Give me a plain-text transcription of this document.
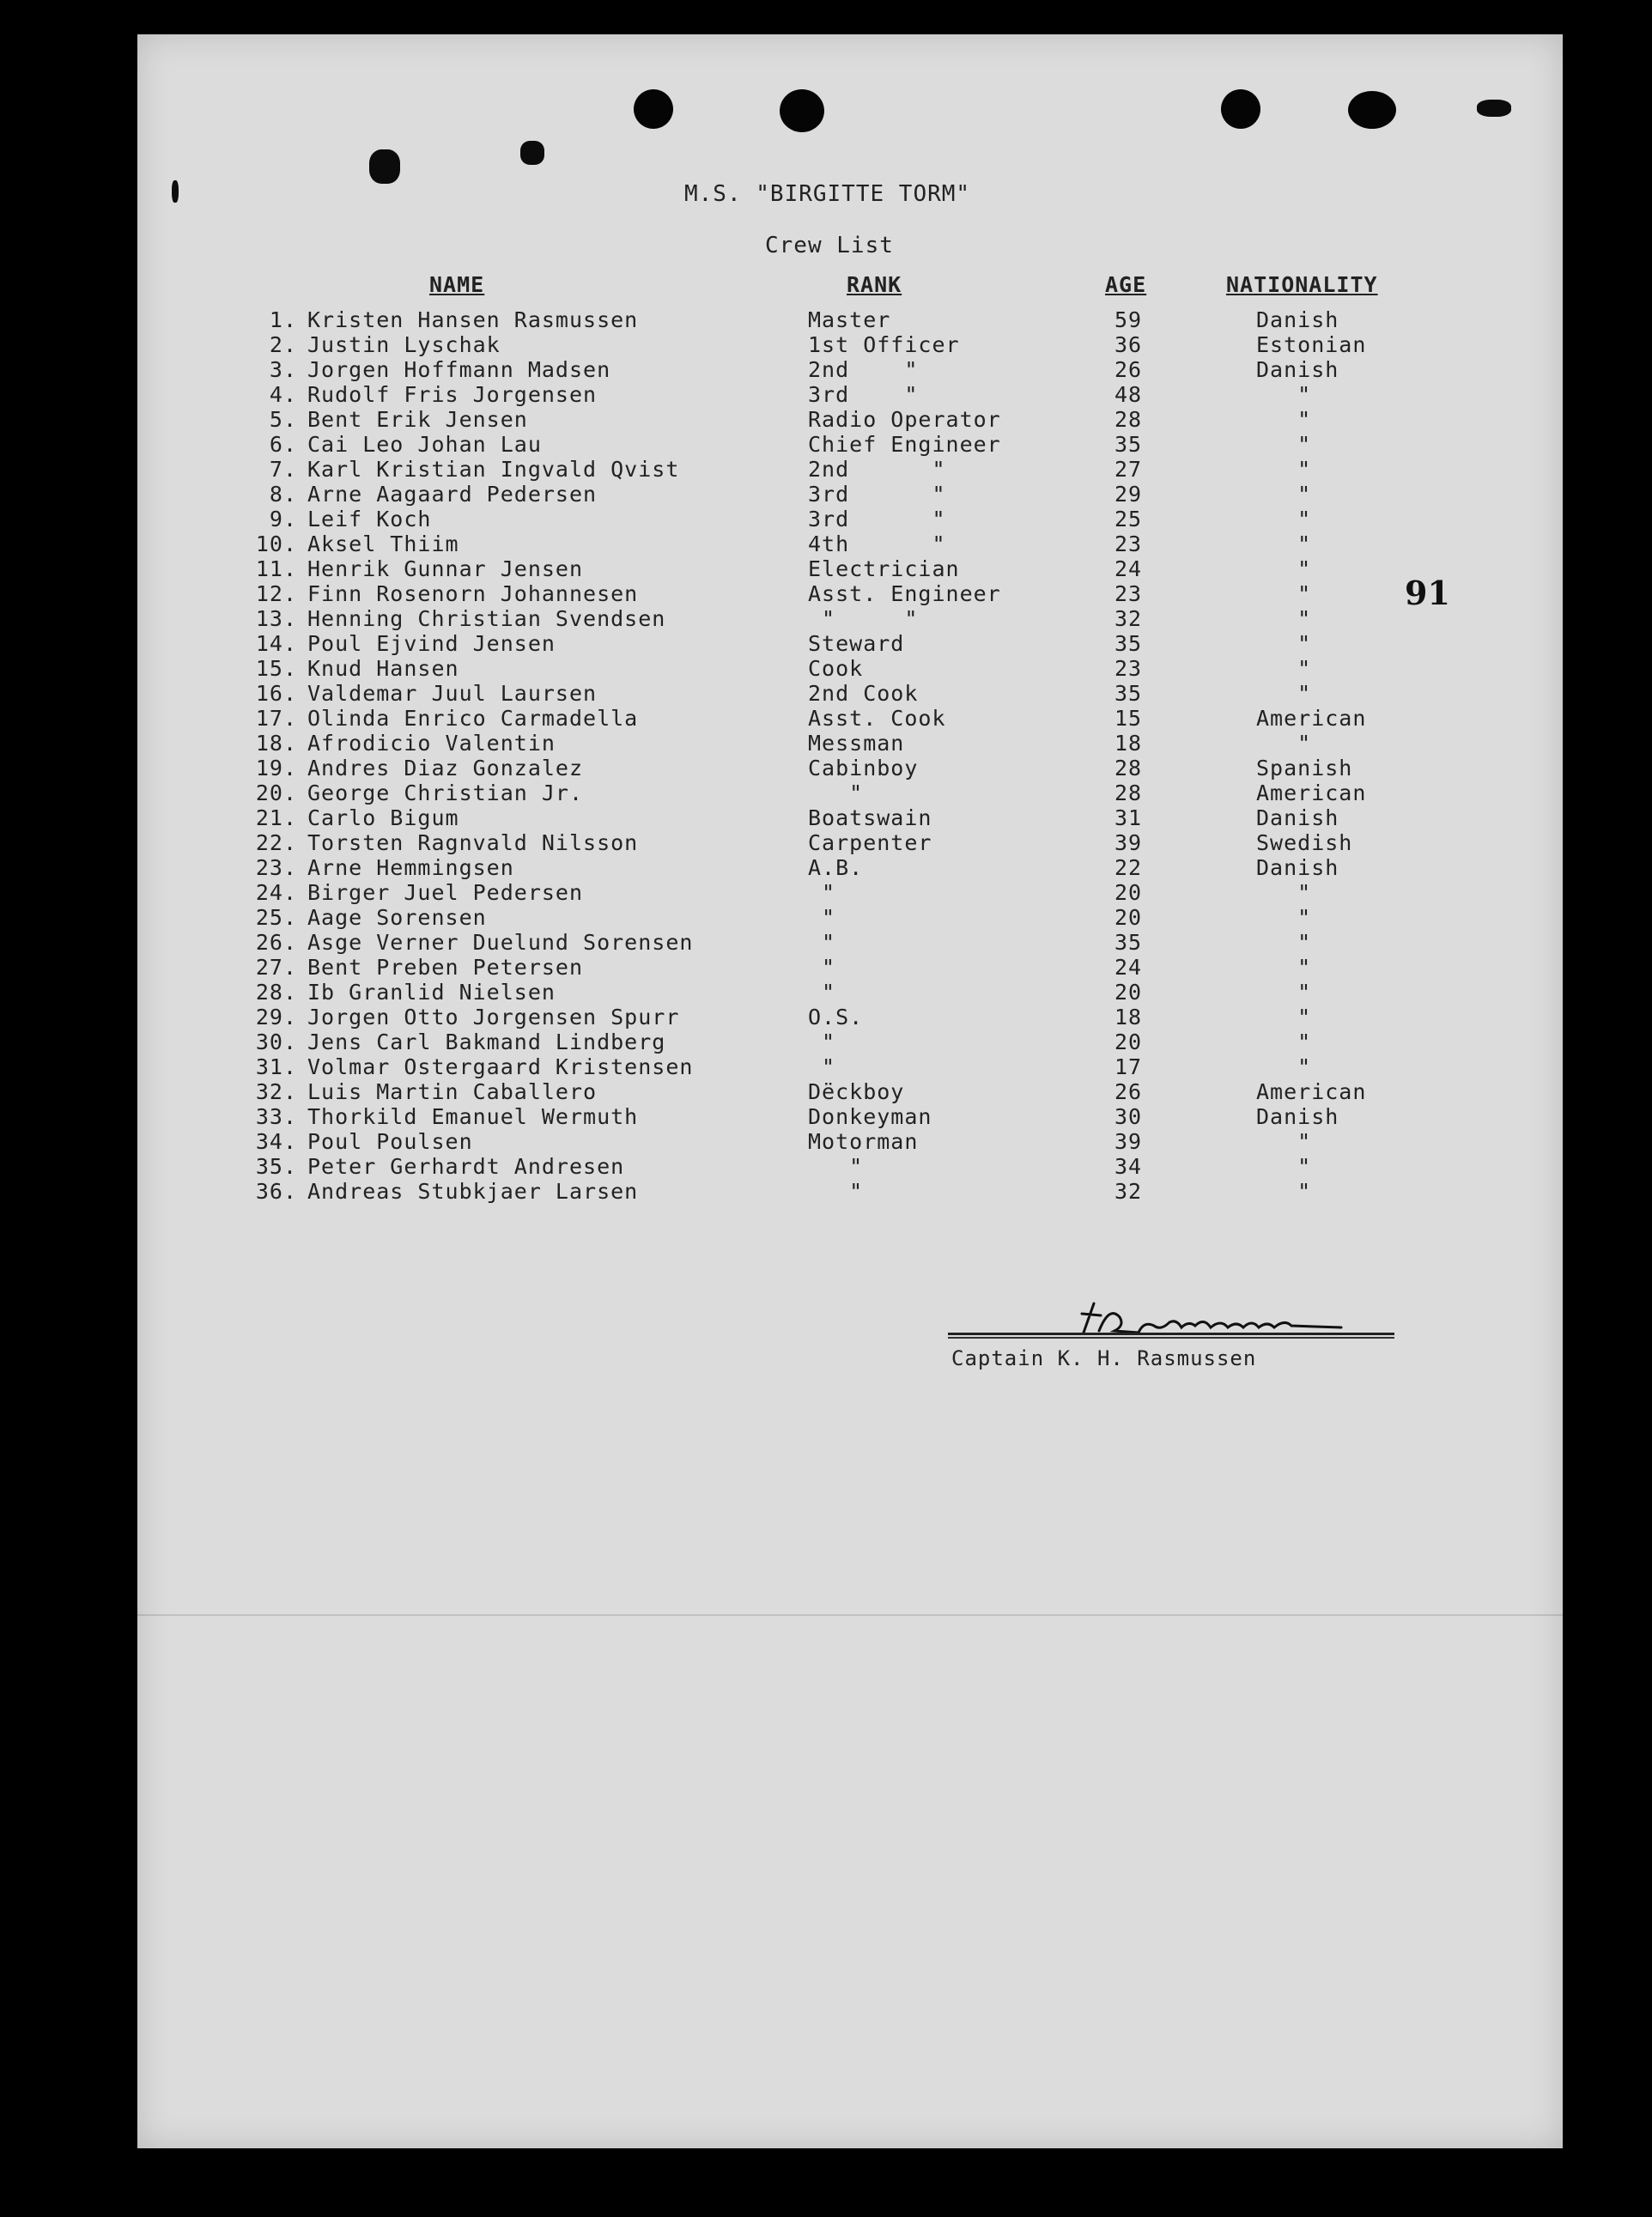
M.S. "BIRGITTE TORM"
Crew List
NAME	RANK	AGE	NATIONALITY
1. Kristen Hansen Rasmussen	Master	59	Danish
2. Justin Lyschak	1st Officer	36	Estonian
3. Jorgen Hoffmann Madsen	2nd    "	26	Danish
4. Rudolf Fris Jorgensen	3rd    "	48	"
5. Bent Erik Jensen	Radio Operator	28	"
6. Cai Leo Johan Lau	Chief Engineer	35	"
7. Karl Kristian Ingvald Qvist	2nd      "	27	"
8. Arne Aagaard Pedersen	3rd      "	29	"
9. Leif Koch	3rd      "	25	"
10. Aksel Thiim	4th      "	23	"
11. Henrik Gunnar Jensen	Electrician	24	"
12. Finn Rosenorn Johannesen	Asst. Engineer	23	"
13. Henning Christian Svendsen	"     "	32	"
14. Poul Ejvind Jensen	Steward	35	"
15. Knud Hansen	Cook	23	"
16. Valdemar Juul Laursen	2nd Cook	35	"
17. Olinda Enrico Carmadella	Asst. Cook	15	American
18. Afrodicio Valentin	Messman	18	"
19. Andres Diaz Gonzalez	Cabinboy	28	Spanish
20. George Christian Jr.	"	28	American
21. Carlo Bigum	Boatswain	31	Danish
22. Torsten Ragnvald Nilsson	Carpenter	39	Swedish
23. Arne Hemmingsen	A.B.	22	Danish
24. Birger Juel Pedersen	"	20	"
25. Aage Sorensen	"	20	"
26. Asge Verner Duelund Sorensen	"	35	"
27. Bent Preben Petersen	"	24	"
28. Ib Granlid Nielsen	"	20	"
29. Jorgen Otto Jorgensen Spurr	O.S.	18	"
30. Jens Carl Bakmand Lindberg	"	20	"
31. Volmar Ostergaard Kristensen	"	17	"
32. Luis Martin Caballero	Dëckboy	26	American
33. Thorkild Emanuel Wermuth	Donkeyman	30	Danish
34. Poul Poulsen	Motorman	39	"
35. Peter Gerhardt Andresen	"	34	"
36. Andreas Stubkjaer Larsen	"	32	"
91
Captain K. H. Rasmussen
